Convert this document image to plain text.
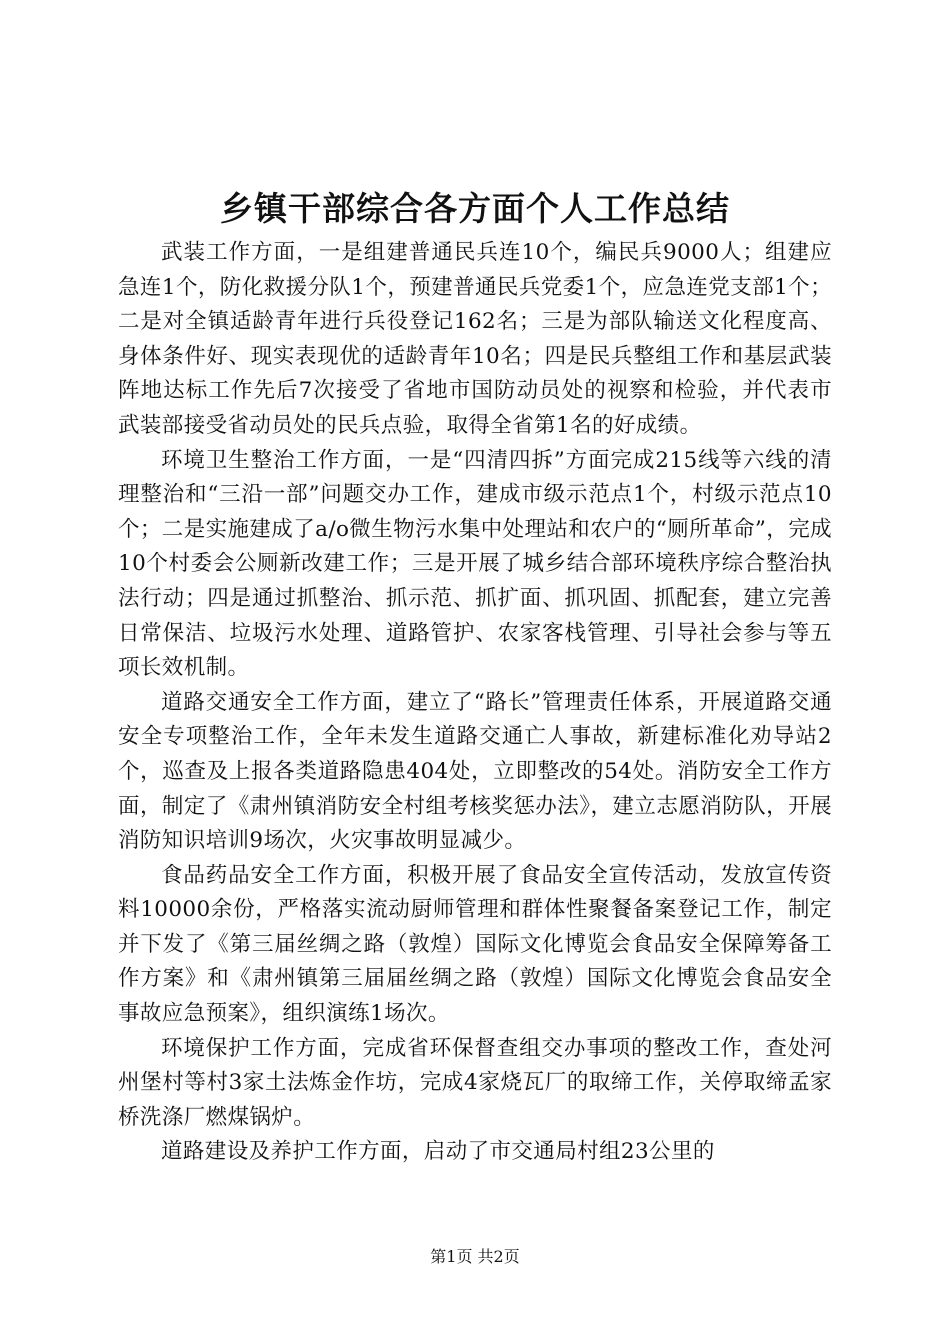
乡镇干部综合各方面个人工作总结

武装工作方面，一是组建普通民兵连10个，编民兵9000人；组建应急连1个，防化救援分队1个，预建普通民兵党委1个，应急连党支部1个；二是对全镇适龄青年进行兵役登记162名；三是为部队输送文化程度高、身体条件好、现实表现优的适龄青年10名；四是民兵整组工作和基层武装阵地达标工作先后7次接受了省地市国防动员处的视察和检验，并代表市武装部接受省动员处的民兵点验，取得全省第1名的好成绩。

环境卫生整治工作方面，一是“四清四拆”方面完成215线等六线的清理整治和“三沿一部”问题交办工作，建成市级示范点1个，村级示范点10个；二是实施建成了a/o微生物污水集中处理站和农户的“厕所革命”，完成10个村委会公厕新改建工作；三是开展了城乡结合部环境秩序综合整治执法行动；四是通过抓整治、抓示范、抓扩面、抓巩固、抓配套，建立完善日常保洁、垃圾污水处理、道路管护、农家客栈管理、引导社会参与等五项长效机制。

道路交通安全工作方面，建立了“路长”管理责任体系，开展道路交通安全专项整治工作，全年未发生道路交通亡人事故，新建标准化劝导站2个，巡查及上报各类道路隐患404处，立即整改的54处。消防安全工作方面，制定了《肃州镇消防安全村组考核奖惩办法》，建立志愿消防队，开展消防知识培训9场次，火灾事故明显减少。

食品药品安全工作方面，积极开展了食品安全宣传活动，发放宣传资料10000余份，严格落实流动厨师管理和群体性聚餐备案登记工作，制定并下发了《第三届丝绸之路（敦煌）国际文化博览会食品安全保障筹备工作方案》和《肃州镇第三届届丝绸之路（敦煌）国际文化博览会食品安全事故应急预案》，组织演练1场次。

环境保护工作方面，完成省环保督查组交办事项的整改工作，查处河州堡村等村3家土法炼金作坊，完成4家烧瓦厂的取缔工作，关停取缔孟家桥洗涤厂燃煤锅炉。

道路建设及养护工作方面，启动了市交通局村组23公里的

第1页 共2页
